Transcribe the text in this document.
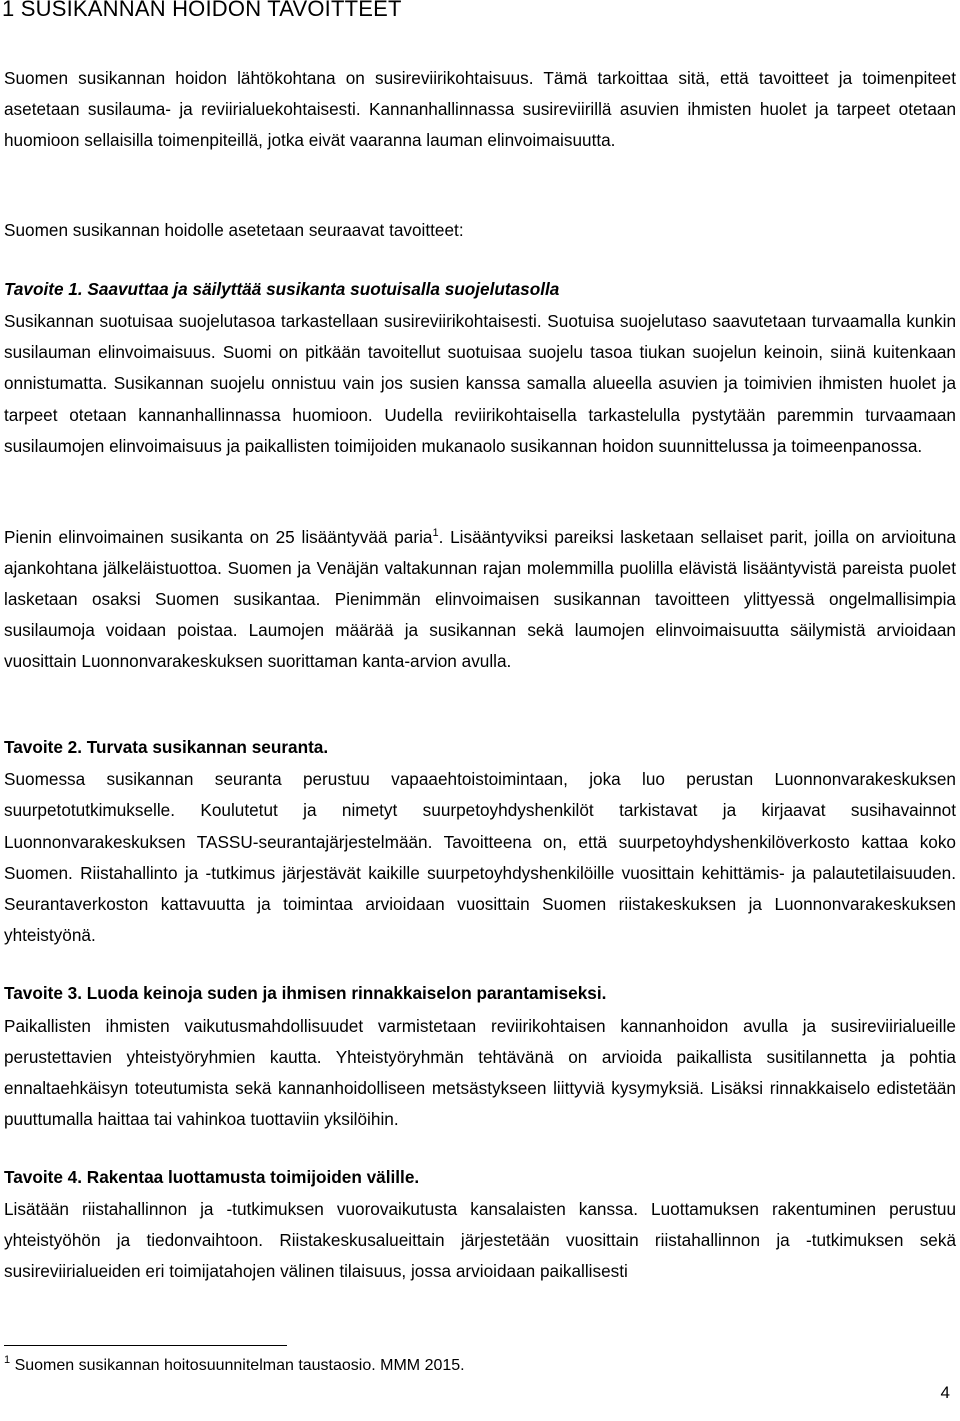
1 SUSIKANNAN HOIDON TAVOITTEET

Suomen susikannan hoidon lähtökohtana on susireviirikohtaisuus. Tämä tarkoittaa sitä, että tavoitteet ja toimenpiteet asetetaan susilauma- ja reviirialuekohtaisesti. Kannanhallinnassa susireviirillä asuvien ihmisten huolet ja tarpeet otetaan huomioon sellaisilla toimenpiteillä, jotka eivät vaaranna lauman elinvoimaisuutta.

Suomen susikannan hoidolle asetetaan seuraavat tavoitteet:

Tavoite 1. Saavuttaa ja säilyttää susikanta suotuisalla suojelutasolla

Susikannan suotuisaa suojelutasoa tarkastellaan susireviirikohtaisesti. Suotuisa suojelutaso saavutetaan turvaamalla kunkin susilauman elinvoimaisuus. Suomi on pitkään tavoitellut suotuisaa suojelu tasoa tiukan suojelun keinoin, siinä kuitenkaan onnistumatta. Susikannan suojelu onnistuu vain jos susien kanssa samalla alueella asuvien ja toimivien ihmisten huolet ja tarpeet otetaan kannanhallinnassa huomioon. Uudella reviirikohtaisella tarkastelulla pystytään paremmin turvaamaan susilaumojen elinvoimaisuus ja paikallisten toimijoiden mukanaolo susikannan hoidon suunnittelussa ja toimeenpanossa.

Pienin elinvoimainen susikanta on 25 lisääntyvää paria$^1$. Lisääntyviksi pareiksi lasketaan sellaiset parit, joilla on arvioituna ajankohtana jälkeläistuottoa. Suomen ja Venäjän valtakunnan rajan molemmilla puolilla elävistä lisääntyvistä pareista puolet lasketaan osaksi Suomen susikantaa. Pienimmän elinvoimaisen susikannan tavoitteen ylittyessä ongelmallisimpia susilaumoja voidaan poistaa. Laumojen määrää ja susikannan sekä laumojen elinvoimaisuutta säilymistä arvioidaan vuosittain Luonnonvarakeskuksen suorittaman kanta-arvion avulla.

Tavoite 2. Turvata susikannan seuranta.

Suomessa susikannan seuranta perustuu vapaaehtoistoimintaan, joka luo perustan Luonnonvarakeskuksen suurpetotutkimukselle. Koulutetut ja nimetyt suurpetoyhdyshenkilöt tarkistavat ja kirjaavat susihavainnot Luonnonvarakeskuksen TASSU-seurantajärjestelmään. Tavoitteena on, että suurpetoyhdyshenkilöverkosto kattaa koko Suomen. Riistahallinto ja -tutkimus järjestävät kaikille suurpetoyhdyshenkilöille vuosittain kehittämis- ja palautetilaisuuden. Seurantaverkoston kattavuutta ja toimintaa arvioidaan vuosittain Suomen riistakeskuksen ja Luonnonvarakeskuksen yhteistyönä.

Tavoite 3. Luoda keinoja suden ja ihmisen rinnakkaiselon parantamiseksi.

Paikallisten ihmisten vaikutusmahdollisuudet varmistetaan reviirikohtaisen kannanhoidon avulla ja susireviirialueille perustettavien yhteistyöryhmien kautta. Yhteistyöryhmän tehtävänä on arvioida paikallista susitilannetta ja pohtia ennaltaehkäisyn toteutumista sekä kannanhoidolliseen metsästykseen liittyviä kysymyksiä. Lisäksi rinnakkaiselo edistetään puuttumalla haittaa tai vahinkoa tuottaviin yksilöihin.

Tavoite 4. Rakentaa luottamusta toimijoiden välille.

Lisätään riistahallinnon ja -tutkimuksen vuorovaikutusta kansalaisten kanssa. Luottamuksen rakentuminen perustuu yhteistyöhön ja tiedonvaihtoon. Riistakeskusalueittain järjestetään vuosittain riistahallinnon ja -tutkimuksen sekä susireviirialueiden eri toimijatahojen välinen tilaisuus, jossa arvioidaan paikallisesti

$^1$ Suomen susikannan hoitosuunnitelman taustaosio. MMM 2015.

4
